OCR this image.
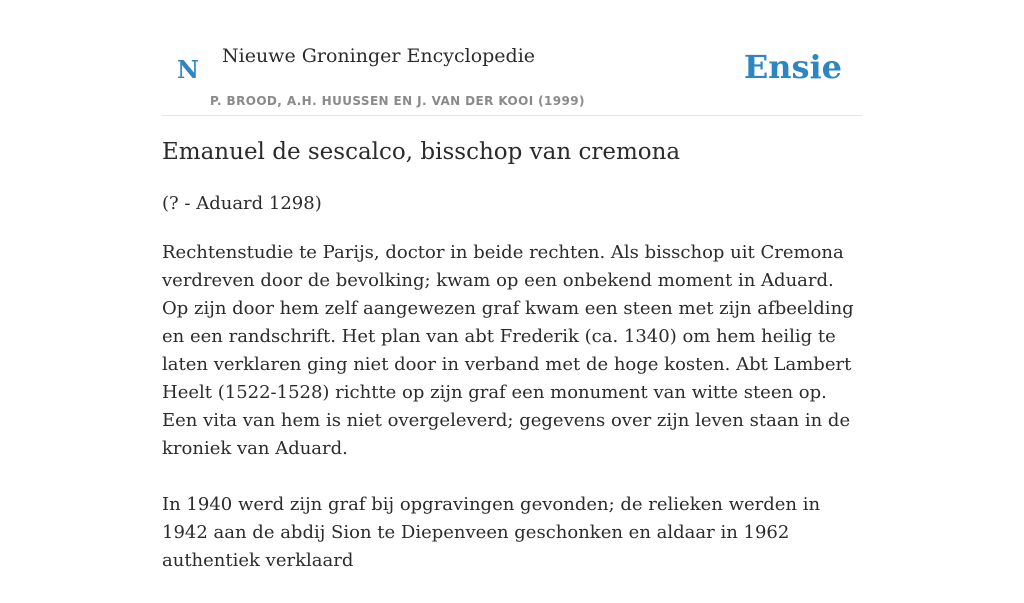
N Nieuwe Groninger Encyclopedie
P. BROOD, A.H. HUUSSEN EN J. VAN DER KOOI (1999)
Ensie
Emanuel de sescalco, bisschop van cremona
(? - Aduard 1298)

Rechtenstudie te Parijs, doctor in beide rechten. Als bisschop uit Cremona verdreven door de bevolking; kwam op een onbekend moment in Aduard. Op zijn door hem zelf aangewezen graf kwam een steen met zijn afbeelding en een randschrift. Het plan van abt Frederik (ca. 1340) om hem heilig te laten verklaren ging niet door in verband met de hoge kosten. Abt Lambert Heelt (1522-1528) richtte op zijn graf een monument van witte steen op. Een vita van hem is niet overgeleverd; gegevens over zijn leven staan in de kroniek van Aduard.

In 1940 werd zijn graf bij opgravingen gevonden; de relieken werden in 1942 aan de abdij Sion te Diepenveen geschonken en aldaar in 1962 authentiek verklaard
